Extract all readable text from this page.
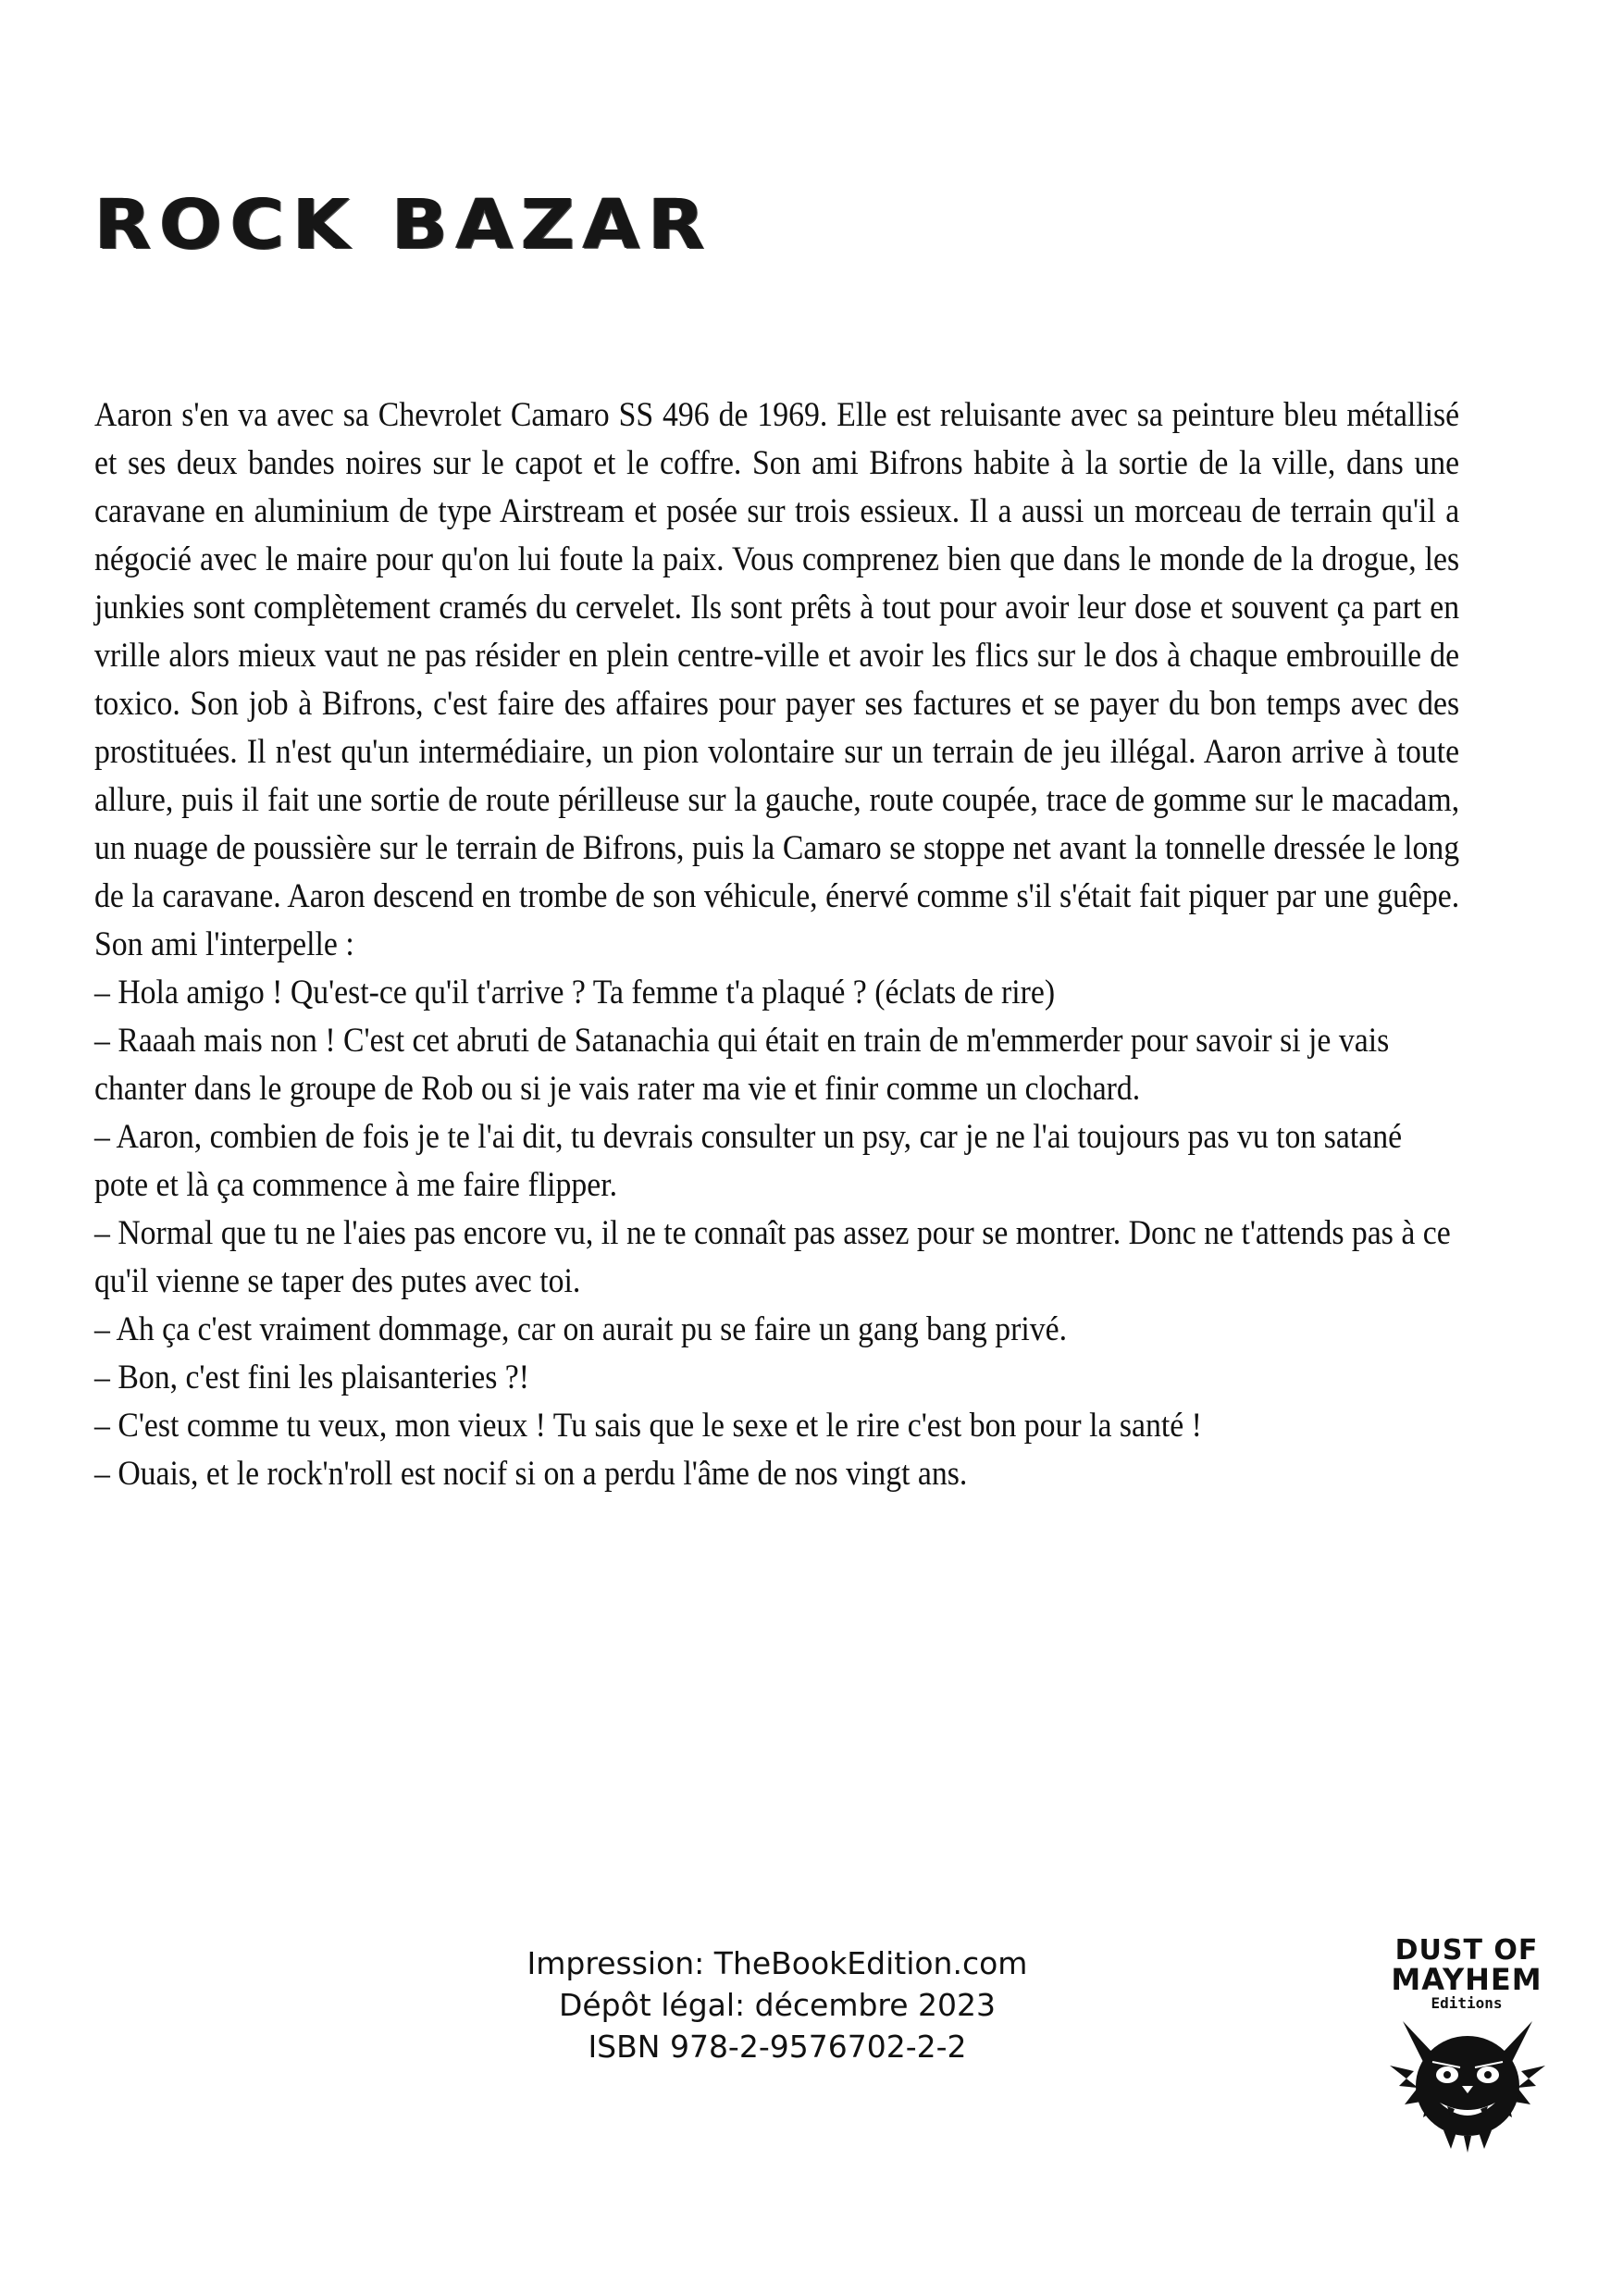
ROCK BAZAR

Aaron s'en va avec sa Chevrolet Camaro SS 496 de 1969. Elle est reluisante avec sa peinture bleu métallisé et ses deux bandes noires sur le capot et le coffre. Son ami Bifrons habite à la sortie de la ville, dans une caravane en aluminium de type Airstream et posée sur trois essieux. Il a aussi un morceau de terrain qu'il a négocié avec le maire pour qu'on lui foute la paix. Vous comprenez bien que dans le monde de la drogue, les junkies sont complètement cramés du cervelet. Ils sont prêts à tout pour avoir leur dose et souvent ça part en vrille alors mieux vaut ne pas résider en plein centre-ville et avoir les flics sur le dos à chaque embrouille de toxico. Son job à Bifrons, c'est faire des affaires pour payer ses factures et se payer du bon temps avec des prostituées. Il n'est qu'un intermédiaire, un pion volontaire sur un terrain de jeu illégal. Aaron arrive à toute allure, puis il fait une sortie de route périlleuse sur la gauche, route coupée, trace de gomme sur le macadam, un nuage de poussière sur le terrain de Bifrons, puis la Camaro se stoppe net avant la tonnelle dressée le long de la caravane. Aaron descend en trombe de son véhicule, énervé comme s'il s'était fait piquer par une guêpe. Son ami l'interpelle :

– Hola amigo ! Qu'est-ce qu'il t'arrive ? Ta femme t'a plaqué ? (éclats de rire)
– Raaah mais non ! C'est cet abruti de Satanachia qui était en train de m'emmerder pour savoir si je vais chanter dans le groupe de Rob ou si je vais rater ma vie et finir comme un clochard.
– Aaron, combien de fois je te l'ai dit, tu devrais consulter un psy, car je ne l'ai toujours pas vu ton satané pote et là ça commence à me faire flipper.
– Normal que tu ne l'aies pas encore vu, il ne te connaît pas assez pour se montrer. Donc ne t'attends pas à ce qu'il vienne se taper des putes avec toi.
– Ah ça c'est vraiment dommage, car on aurait pu se faire un gang bang privé.
– Bon, c'est fini les plaisanteries ?!
– C'est comme tu veux, mon vieux ! Tu sais que le sexe et le rire c'est bon pour la santé !
– Ouais, et le rock'n'roll est nocif si on a perdu l'âme de nos vingt ans.
Impression: TheBookEdition.com
Dépôt légal: décembre 2023
ISBN 978-2-9576702-2-2
DUST OF
MAYHEM
Editions
